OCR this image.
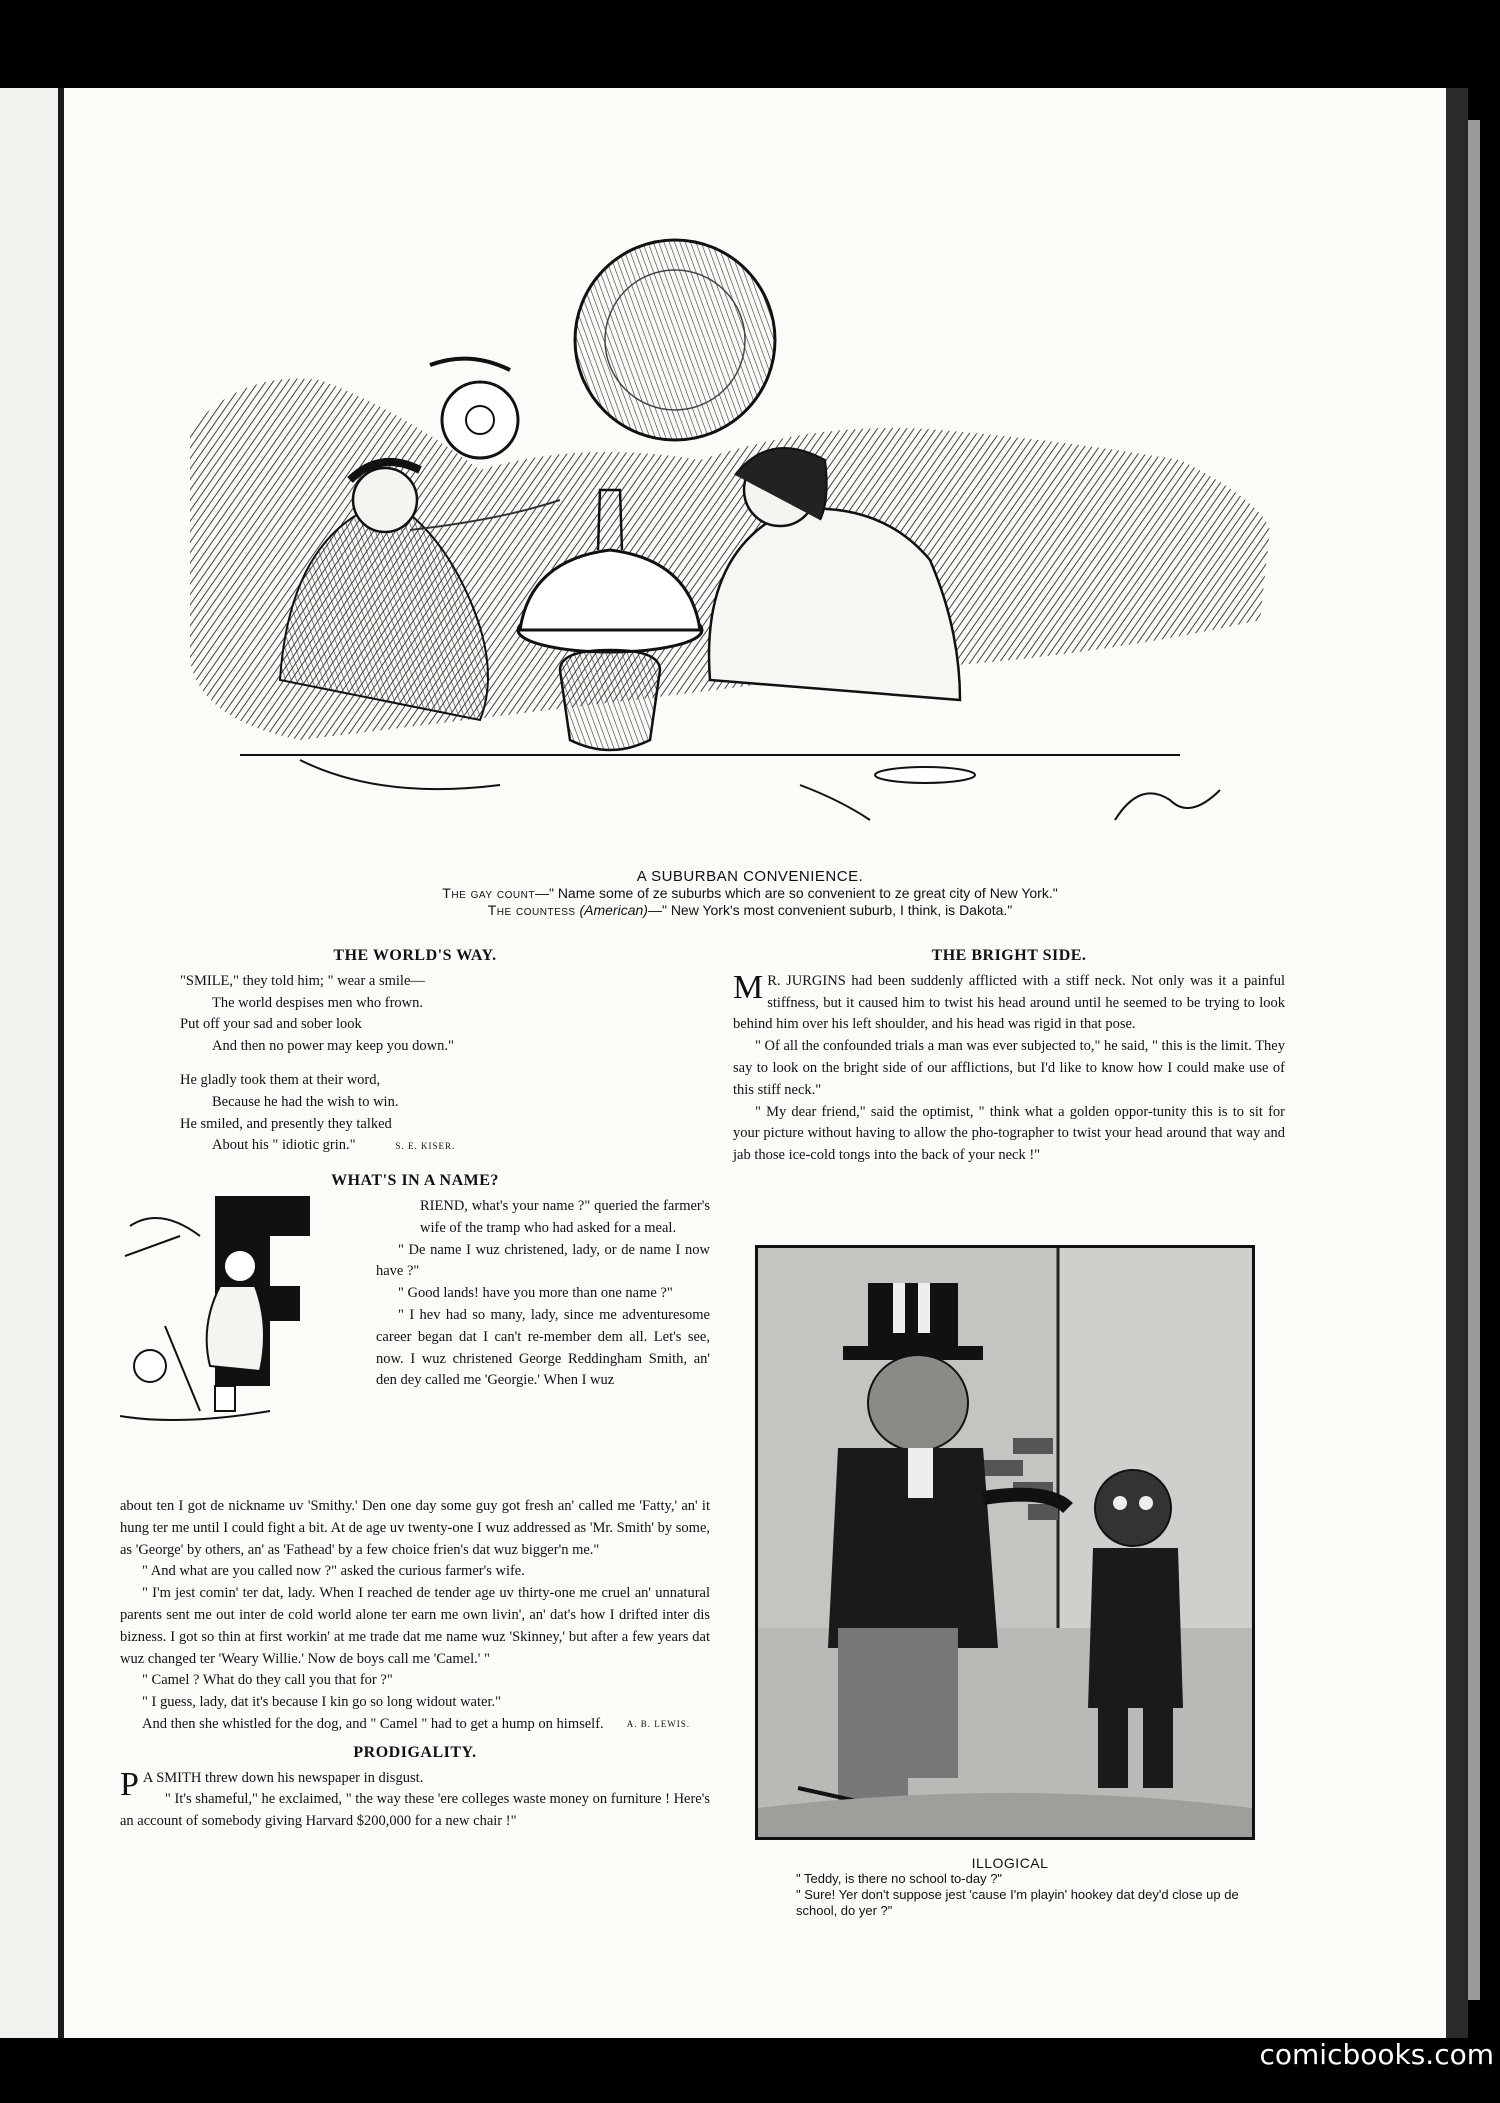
A SUBURBAN CONVENIENCE.
The gay count—" Name some of ze suburbs which are so convenient to ze great city of New York."
The countess (American)—" New York's most convenient suburb, I think, is Dakota."
THE WORLD'S WAY.

"SMILE," they told him; " wear a smile—

The world despises men who frown.

Put off your sad and sober look

And then no power may keep you down."

He gladly took them at their word,

Because he had the wish to win.

He smiled, and presently they talked

About his " idiotic grin."	S. E. KISER.

WHAT'S IN A NAME?

RIEND, what's your name ?" queried the farmer's wife of the tramp who had asked for a meal.

" De name I wuz christened, lady, or de name I now have ?"

" Good lands! have you more than one name ?"

" I hev had so many, lady, since me adventuresome career began dat I can't re-member dem all. Let's see, now. I wuz christened George Reddingham Smith, an' den dey called me 'Georgie.' When I wuz

about ten I got de nickname uv 'Smithy.' Den one day some guy got fresh an' called me 'Fatty,' an' it hung ter me until I could fight a bit. At de age uv twenty-one I wuz addressed as 'Mr. Smith' by some, as 'George' by others, an' as 'Fathead' by a few choice frien's dat wuz bigger'n me."

" And what are you called now ?" asked the curious farmer's wife.

" I'm jest comin' ter dat, lady. When I reached de tender age uv thirty-one me cruel an' unnatural parents sent me out inter de cold world alone ter earn me own livin', an' dat's how I drifted inter dis bizness. I got so thin at first workin' at me trade dat me name wuz 'Skinney,' but after a few years dat wuz changed ter 'Weary Willie.' Now de boys call me 'Camel.' "

" Camel ? What do they call you that for ?"

" I guess, lady, dat it's because I kin go so long widout water."

And then she whistled for the dog, and " Camel " had to get a hump on himself.	A. B. LEWIS.

PRODIGALITY.

P A SMITH threw down his newspaper in disgust.

" It's shameful," he exclaimed, " the way these 'ere colleges waste money on furniture ! Here's an account of somebody giving Harvard $200,000 for a new chair !"

THE BRIGHT SIDE.

M R. JURGINS had been suddenly afflicted with a stiff neck. Not only was it a painful stiffness, but it caused him to twist his head around until he seemed to be trying to look behind him over his left shoulder, and his head was rigid in that pose.

" Of all the confounded trials a man was ever subjected to," he said, " this is the limit. They say to look on the bright side of our afflictions, but I'd like to know how I could make use of this stiff neck."

" My dear friend," said the optimist, " think what a golden oppor-tunity this is to sit for your picture without having to allow the pho-tographer to twist your head around that way and jab those ice-cold tongs into the back of your neck !"

ILLOGICAL

" Teddy, is there no school to-day ?"

" Sure! Yer don't suppose jest 'cause I'm playin' hookey dat dey'd close up de school, do yer ?"

comicbooks.com
